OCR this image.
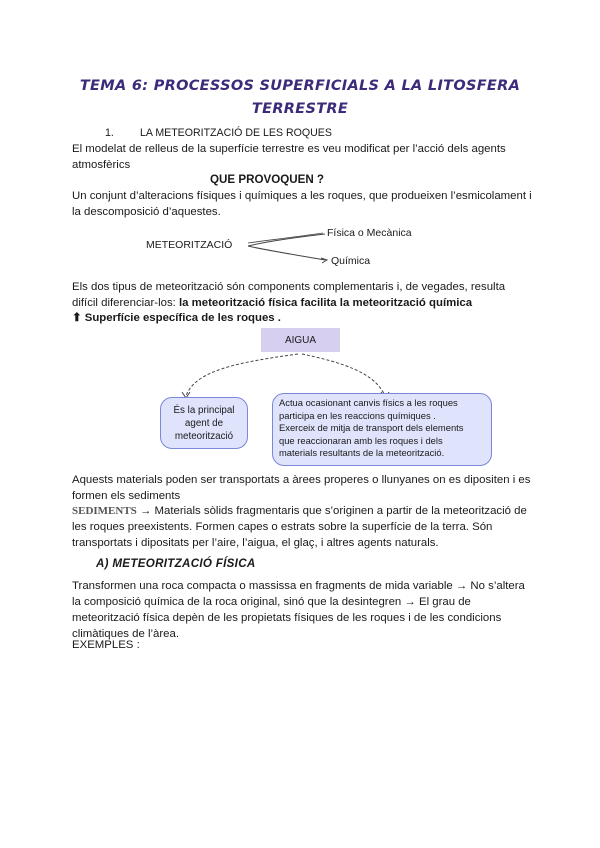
TEMA 6: PROCESSOS SUPERFICIALS A LA LITOSFERA
TERRESTRE
1. LA METEORITZACIÓ DE LES ROQUES
El modelat de relleus de la superfície terrestre es veu modificat per l’acció dels agents atmosfèrics
QUE PROVOQUEN ?
Un conjunt d’alteracions físiques i químiques a les roques, que produeixen l’esmicolament i la descomposició d’aquestes.
METEORITZACIÓ
Física o Mecànica
Química
Els dos tipus de meteorització són components complementaris i, de vegades, resulta difícil diferenciar-los: la meteorització física facilita la meteorització química
⬆ Superfície específica de les roques .
AIGUA
És la principal agent de meteorització
Actua ocasionant canvis físics a les roques
participa en les reaccions químiques .
Exerceix de mitja de transport dels elements
que reaccionaran amb les roques i dels
materials resultants de la meteorització.
Aquests materials poden ser transportats a àrees properes o llunyanes on es dipositen i es formen els sediments
SEDIMENTS → Materials sòlids fragmentaris que s’originen a partir de la meteorització de les roques preexistents. Formen capes o estrats sobre la superfície de la terra. Són transportats i dipositats per l’aire, l’aigua, el glaç, i altres agents naturals.
A) METEORITZACIÓ FÍSICA
Transformen una roca compacta o massissa en fragments de mida variable → No s’altera la composició química de la roca original, sinó que la desintegren → El grau de meteorització física depèn de les propietats físiques de les roques i de les condicions climàtiques de l’àrea.
EXEMPLES :
